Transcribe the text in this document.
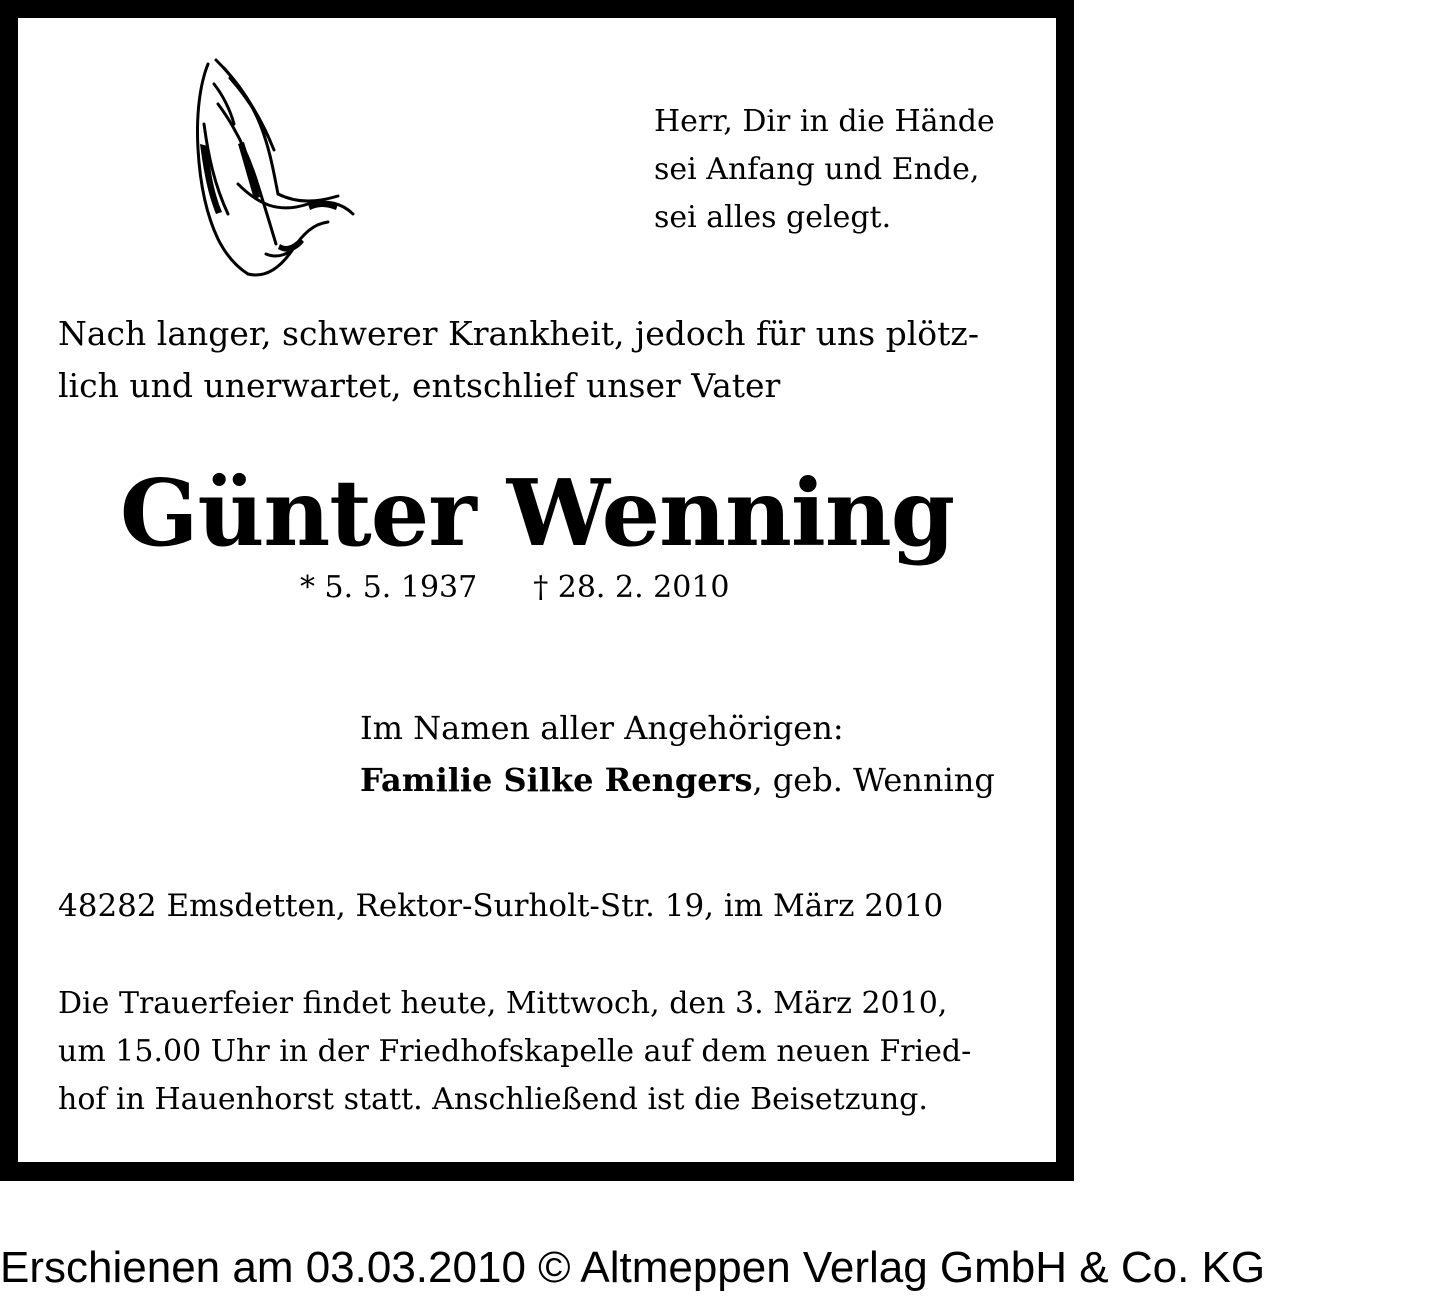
Herr, Dir in die Hände
sei Anfang und Ende,
sei alles gelegt.
Nach langer, schwerer Krankheit, jedoch für uns plötz-
lich und unerwartet, entschlief unser Vater
Günter Wenning
* 5. 5. 1937 † 28. 2. 2010
Im Namen aller Angehörigen:
Familie Silke Rengers, geb. Wenning
48282 Emsdetten, Rektor-Surholt-Str. 19, im März 2010
Die Trauerfeier findet heute, Mittwoch, den 3. März 2010,
um 15.00 Uhr in der Friedhofskapelle auf dem neuen Fried-
hof in Hauenhorst statt. Anschließend ist die Beisetzung.
Erschienen am 03.03.2010 © Altmeppen Verlag GmbH & Co. KG
